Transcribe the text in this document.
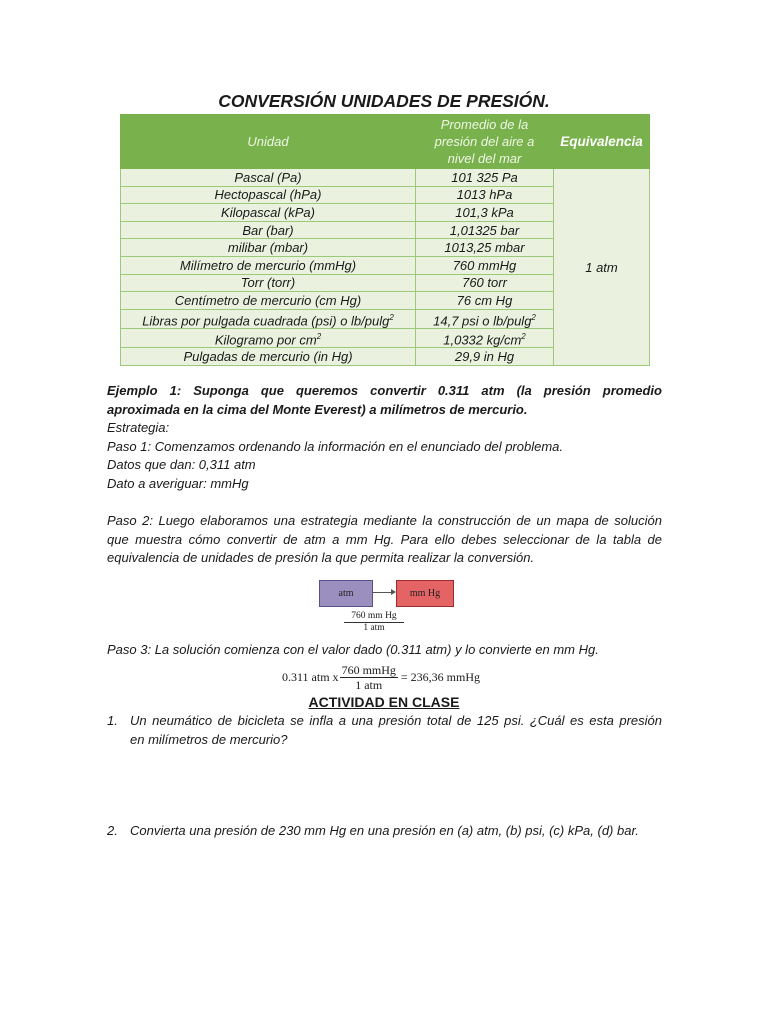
CONVERSIÓN UNIDADES DE PRESIÓN.
Unidad	Promedio de la presión del aire a nivel del mar	Equivalencia
Pascal (Pa)	101 325 Pa	1 atm
Hectopascal (hPa)	1013 hPa	
Kilopascal (kPa)	101,3 kPa	
Bar (bar)	1,01325 bar	
milibar (mbar)	1013,25 mbar	
Milímetro de mercurio (mmHg)	760 mmHg	
Torr (torr)	760 torr	
Centímetro de mercurio (cm Hg)	76 cm Hg	
Libras por pulgada cuadrada (psi) o lb/pulg$^2$	14,7 psi o lb/pulg$^2$
Kilogramo por $cm^2$	1,0332 $kg/cm^2$
Pulgadas de mercurio (in Hg)	29,9 in Hg	
Ejemplo 1: Suponga que queremos convertir 0.311 atm (la presión promedio
aproximada en la cima del Monte Everest) a milímetros de mercurio.
Estrategia:
Paso 1: Comenzamos ordenando la información en el enunciado del problema.
Datos que dan: 0,311 atm
Dato a averiguar: mmHg
Paso 2: Luego elaboramos una estrategia mediante la construcción de un mapa de solución
que muestra cómo convertir de atm a mm Hg. Para ello debes seleccionar de la tabla de
equivalencia de unidades de presión la que permita realizar la conversión.
atm	mm Hg
760 mm Hg
1 atm
Paso 3: La solución comienza con el valor dado (0.311 atm) y lo convierte en mm Hg.
0.311 atm x 760 mmHg
1 atm
= 236,36 mmHg
ACTIVIDAD EN CLASE
1. Un neumático de bicicleta se infla a una presión total de 125 psi. ¿Cuál es esta presión
en milímetros de mercurio?
2. Convierta una presión de 230 mm Hg en una presión en (a) atm, (b) psi, (c) kPa, (d) bar.
